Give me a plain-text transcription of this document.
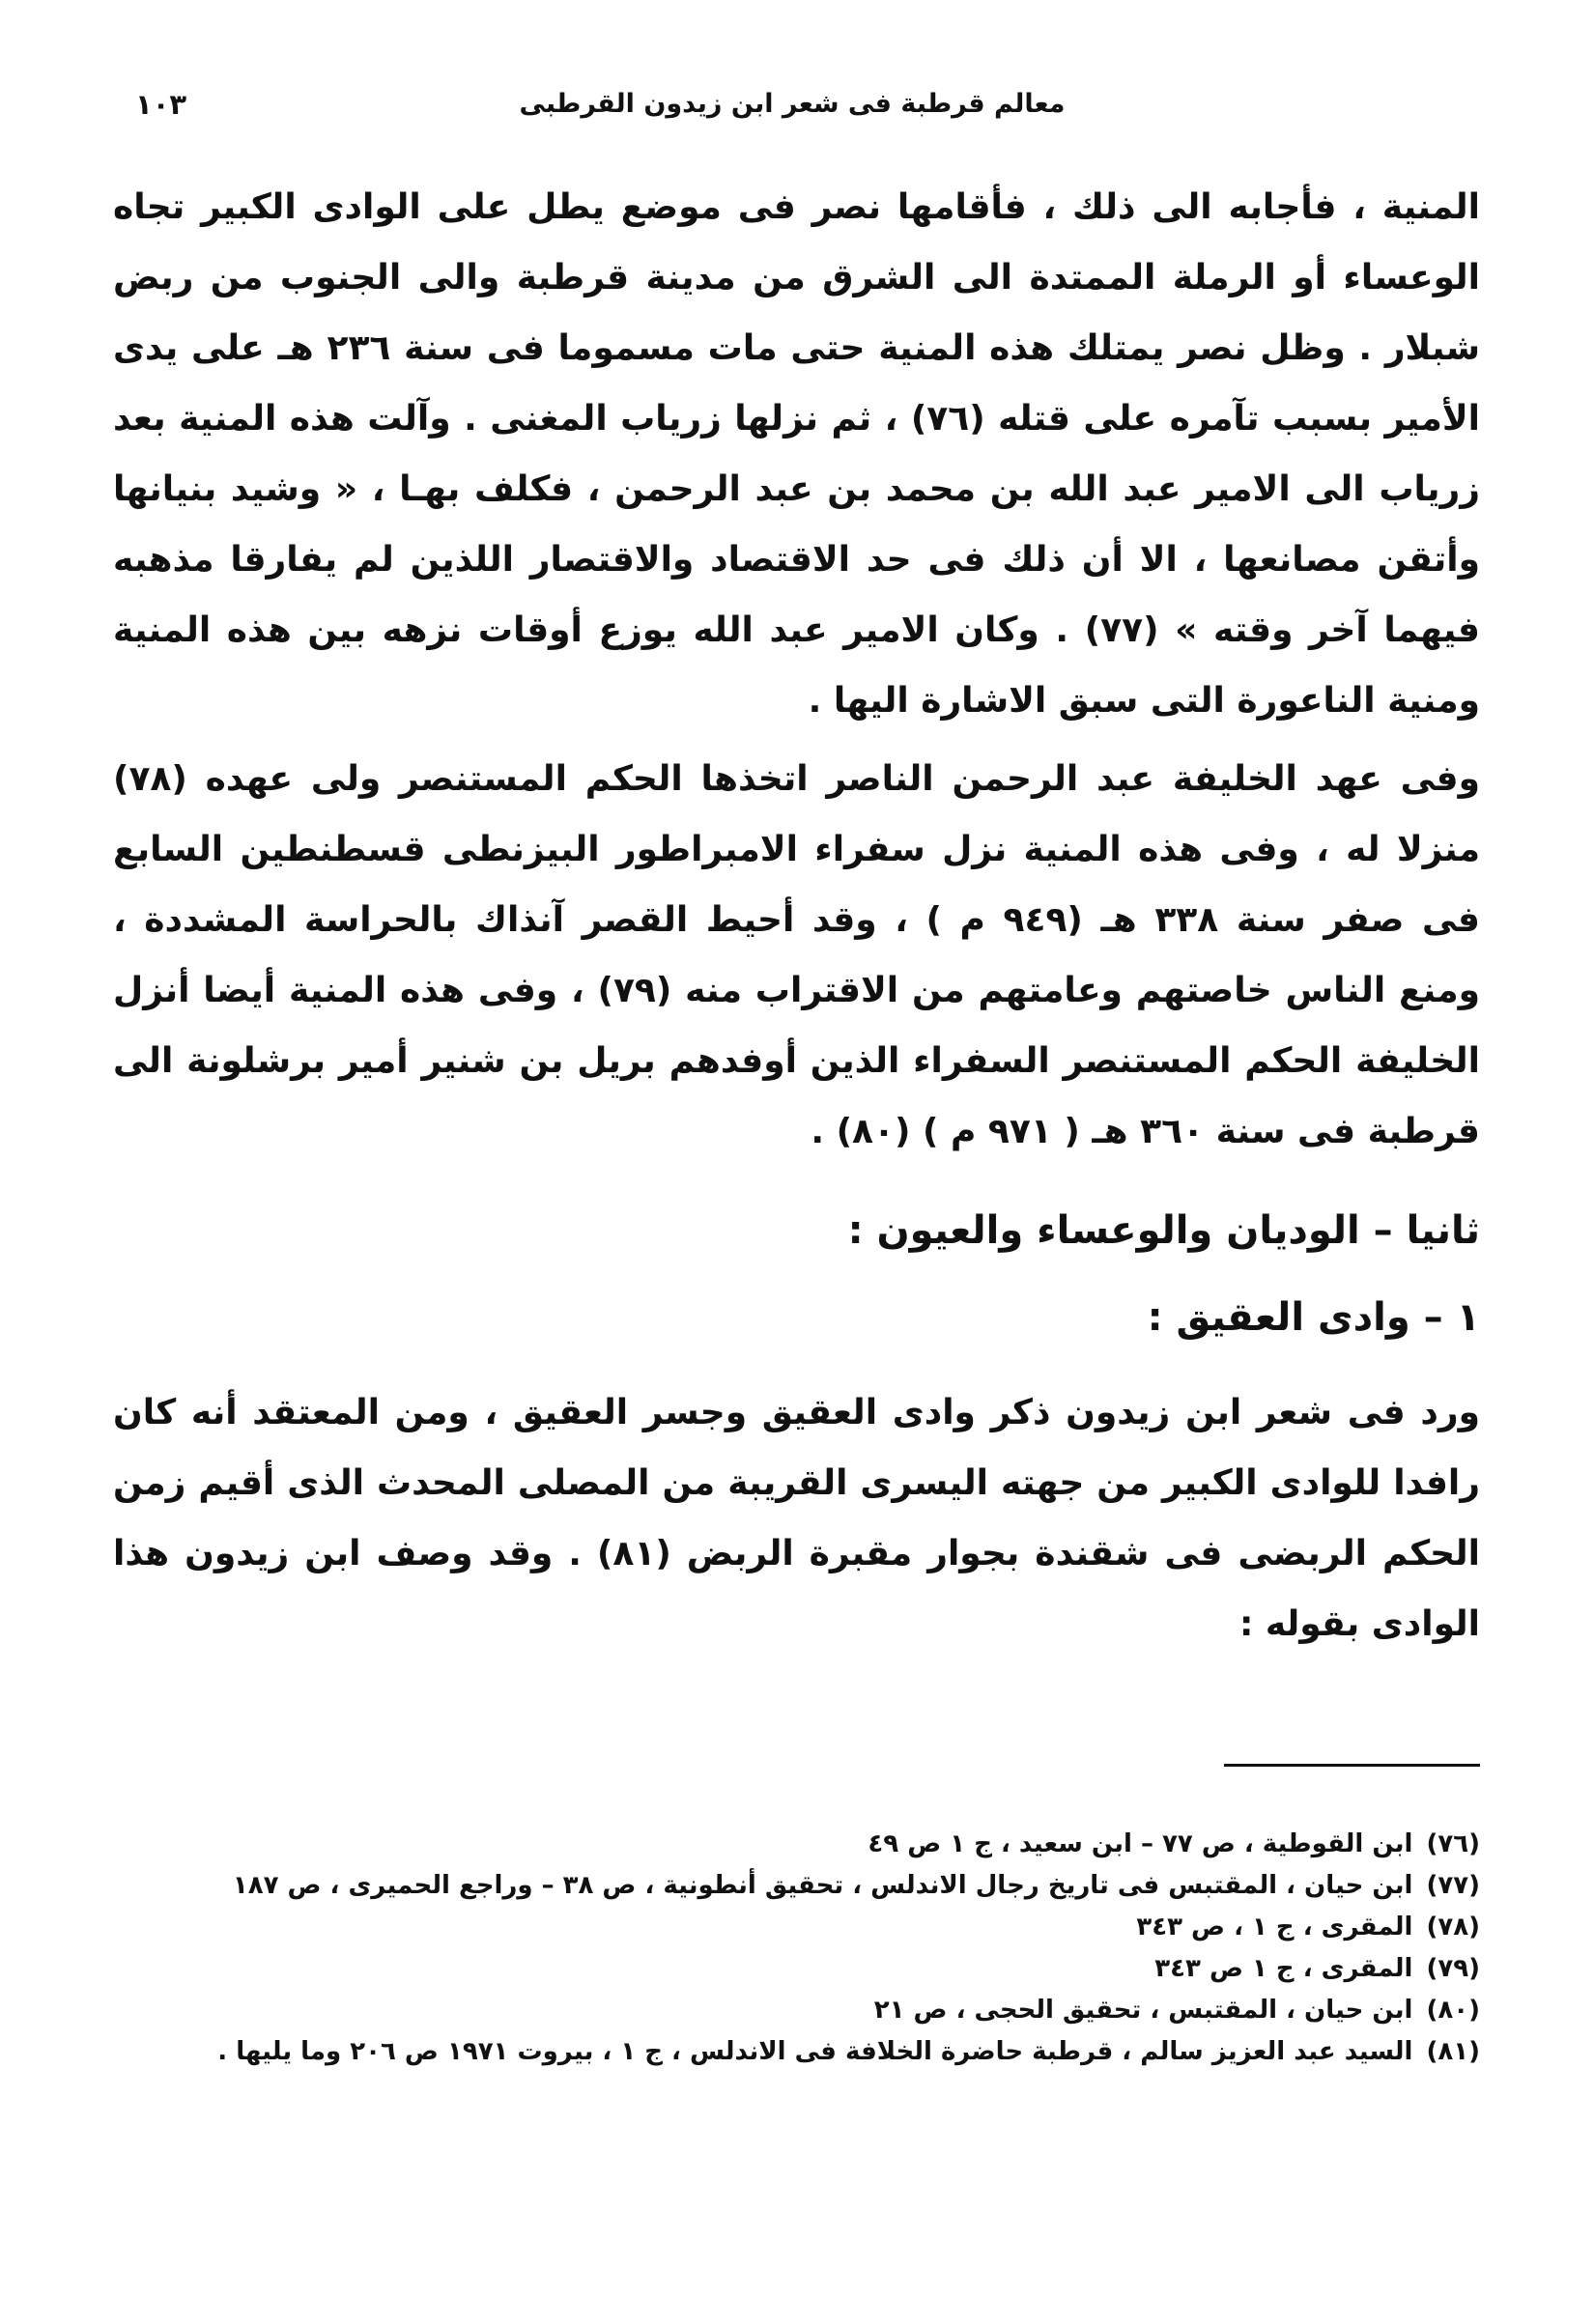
معالم قرطبة فى شعر ابن زيدون القرطبى
١٠٣

المنية ، فأجابه الى ذلك ، فأقامها نصر فى موضع يطل على الوادى الكبير تجاه الوعساء أو الرملة الممتدة الى الشرق من مدينة قرطبة والى الجنوب من ربض شبلار . وظل نصر يمتلك هذه المنية حتى مات مسموما فى سنة ٢٣٦ هـ على يدى الأمير بسبب تآمره على قتله (٧٦) ، ثم نزلها زرياب المغنى . وآلت هذه المنية بعد زرياب الى الامير عبد الله بن محمد بن عبد الرحمن ، فكلف بهـا ، « وشيد بنيانها وأتقن مصانعها ، الا أن ذلك فى حد الاقتصاد والاقتصار اللذين لم يفارقا مذهبه فيهما آخر وقته » (٧٧) . وكان الامير عبد الله يوزع أوقات نزهه بين هذه المنية ومنية الناعورة التى سبق الاشارة اليها .

وفى عهد الخليفة عبد الرحمن الناصر اتخذها الحكم المستنصر ولى عهده (٧٨) منزلا له ، وفى هذه المنية نزل سفراء الامبراطور البيزنطى قسطنطين السابع فى صفر سنة ٣٣٨ هـ (٩٤٩ م ) ، وقد أحيط القصر آنذاك بالحراسة المشددة ، ومنع الناس خاصتهم وعامتهم من الاقتراب منه (٧٩) ، وفى هذه المنية أيضا أنزل الخليفة الحكم المستنصر السفراء الذين أوفدهم بريل بن شنير أمير برشلونة الى قرطبة فى سنة ٣٦٠ هـ ( ٩٧١ م ) (٨٠) .

ثانيا – الوديان والوعساء والعيون :
١ – وادى العقيق :

ورد فى شعر ابن زيدون ذكر وادى العقيق وجسر العقيق ، ومن المعتقد أنه كان رافدا للوادى الكبير من جهته اليسرى القريبة من المصلى المحدث الذى أقيم زمن الحكم الربضى فى شقندة بجوار مقبرة الربض (٨١) . وقد وصف ابن زيدون هذا الوادى بقوله :

(٧٦)ابن القوطية ، ص ٧٧ – ابن سعيد ، ج ١ ص ٤٩
(٧٧)ابن حيان ، المقتبس فى تاريخ رجال الاندلس ، تحقيق أنطونية ، ص ٣٨ – وراجع الحميرى ، ص ١٨٧
(٧٨)المقرى ، ج ١ ، ص ٣٤٣
(٧٩)المقرى ، ج ١ ص ٣٤٣
(٨٠)ابن حيان ، المقتبس ، تحقيق الحجى ، ص ٢١
(٨١)السيد عبد العزيز سالم ، قرطبة حاضرة الخلافة فى الاندلس ، ج ١ ، بيروت ١٩٧١ ص ٢٠٦ وما يليها .
